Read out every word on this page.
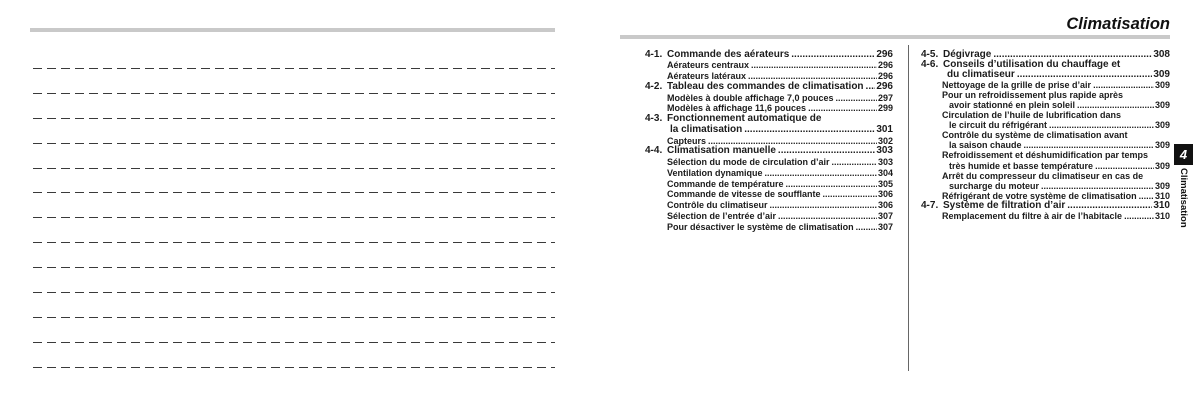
Climatisation
4-1. Commande des aérateurs .....	296
Aérateurs centraux .....	296
Aérateurs latéraux .....	296
4-2. Tableau des commandes de climatisation ..... 296
Modèles à double affichage 7,0 pouces .....	297
Modèles à affichage 11,6 pouces .....	299
4-3. Fonctionnement automatique de
la climatisation .....	301
Capteurs .....	302
4-4. Climatisation manuelle .....	303
Sélection du mode de circulation d’air .....	303
Ventilation dynamique .....	304
Commande de température .....	305
Commande de vitesse de soufflante .....	306
Contrôle du climatiseur .....	306
Sélection de l’entrée d’air .....	307
Pour désactiver le système de climatisation .....	307
4-5. Dégivrage .....	308
4-6. Conseils d’utilisation du chauffage et
du climatiseur .....	309
Nettoyage de la grille de prise d’air .....	309
Pour un refroidissement plus rapide après
avoir stationné en plein soleil .....	309
Circulation de l’huile de lubrification dans
le circuit du réfrigérant .....	309
Contrôle du système de climatisation avant
la saison chaude .....	309
Refroidissement et déshumidification par temps
très humide et basse température .....	309
Arrêt du compresseur du climatiseur en cas de
surcharge du moteur .....	309
Réfrigérant de votre système de climatisation ..... 310
4-7. Système de filtration d’air .....	310
Remplacement du filtre à air de l’habitacle .....	310
4
Climatisation
